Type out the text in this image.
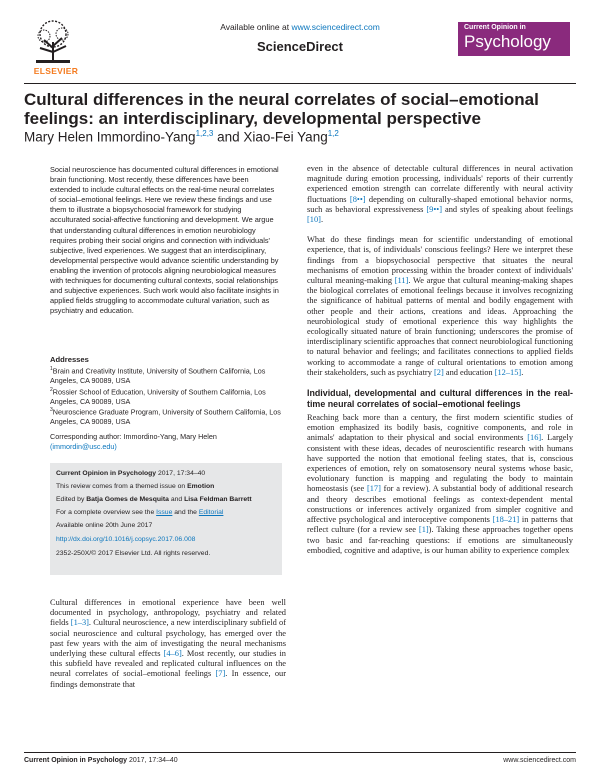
ELSEVIER
Available online at www.sciencedirect.com
ScienceDirect
Current Opinion in
Psychology
Cultural differences in the neural correlates of social–emotional feelings: an interdisciplinary, developmental perspective
Mary Helen Immordino-Yang$^{1,2,3}$ and Xiao-Fei Yang$^{1,2}$
Social neuroscience has documented cultural differences in emotional brain functioning. Most recently, these differences have been extended to include cultural effects on the real-time neural correlates of social–emotional feelings. Here we review these findings and use them to illustrate a biopsychosocial framework for studying acculturated social-affective functioning and development. We argue that understanding cultural differences in emotion neurobiology requires probing their social origins and connection with individuals' subjective, lived experiences. We suggest that an interdisciplinary, developmental perspective would advance scientific understanding by enabling the invention of protocols aligning neurobiological measures with techniques for documenting cultural contexts, social relationships and subjective experiences. Such work would also facilitate insights in applied fields struggling to accommodate cultural variation, such as psychiatry and education.
Addresses
$^1$Brain and Creativity Institute, University of Southern California, Los Angeles, CA 90089, USA
$^2$Rossier School of Education, University of Southern California, Los Angeles, CA 90089, USA
$^3$Neuroscience Graduate Program, University of Southern California, Los Angeles, CA 90089, USA
Corresponding author: Immordino-Yang, Mary Helen
(immordin@usc.edu)
Current Opinion in Psychology 2017, 17:34–40
This review comes from a themed issue on Emotion
Edited by Batja Gomes de Mesquita and Lisa Feldman Barrett
For a complete overview see the Issue and the Editorial
Available online 20th June 2017
http://dx.doi.org/10.1016/j.copsyc.2017.06.008
2352-250X/© 2017 Elsevier Ltd. All rights reserved.
Cultural differences in emotional experience have been well documented in psychology, anthropology, psychiatry and related fields [1–3]. Cultural neuroscience, a new interdisciplinary subfield of social neuroscience and cultural psychology, has emerged over the past few years with the aim of investigating the neural mechanisms underlying these cultural effects [4–6]. Most recently, our studies in this subfield have revealed and replicated cultural influences on the neural correlates of social–emotional feelings [7]. In essence, our findings demonstrate that

even in the absence of detectable cultural differences in neural activation magnitude during emotion processing, individuals' reports of their currently experienced emotion strength can correlate differently with neural activity fluctuations [8••] depending on culturally-shaped emotional behavior norms, such as behavioral expressiveness [9••] and styles of speaking about feelings [10].

What do these findings mean for scientific understanding of emotional experience, that is, of individuals' conscious feelings? Here we interpret these findings from a biopsychosocial perspective that situates the neural mechanisms of emotion processing within the broader context of individuals' cultural meaning-making [11]. We argue that cultural meaning-making shapes the biological correlates of emotional feelings because it involves recognizing the significance of habitual patterns of mental and bodily engagement with other people and their actions, creations and ideas. Approaching the neurobiological study of emotional experience this way highlights the ecologically situated nature of brain functioning; underscores the promise of interdisciplinary scientific approaches that connect neurobiological functioning to natural behavior and feelings; and facilitates connections to applied fields working to accommodate a range of cultural orientations to emotion among their stakeholders, such as psychiatry [2] and education [12–15].

Individual, developmental and cultural differences in the real-time neural correlates of social–emotional feelings

Reaching back more than a century, the first modern scientific studies of emotion emphasized its bodily basis, cognitive components, and role in animals' adaptation to their physical and social environments [16]. Largely consistent with these ideas, decades of neuroscientific research with humans have supported the notion that emotional feeling states, that is, conscious experiences of emotion, rely on somatosensory neural systems whose basic, evolutionary function is mapping and regulating the body to maintain homeostasis (see [17] for a review). A substantial body of additional research and theory describes emotional feelings as context-dependent mental constructions or inferences actively organized from simpler cognitive and affective psychological and interoceptive components [18–21] in patterns that reflect culture (for a review see [1]). Taking these approaches together opens two basic and far-reaching questions: if emotions are simultaneously embodied, cognitive and adaptive, is our human ability to experience complex

Current Opinion in Psychology 2017, 17:34–40	www.sciencedirect.com
